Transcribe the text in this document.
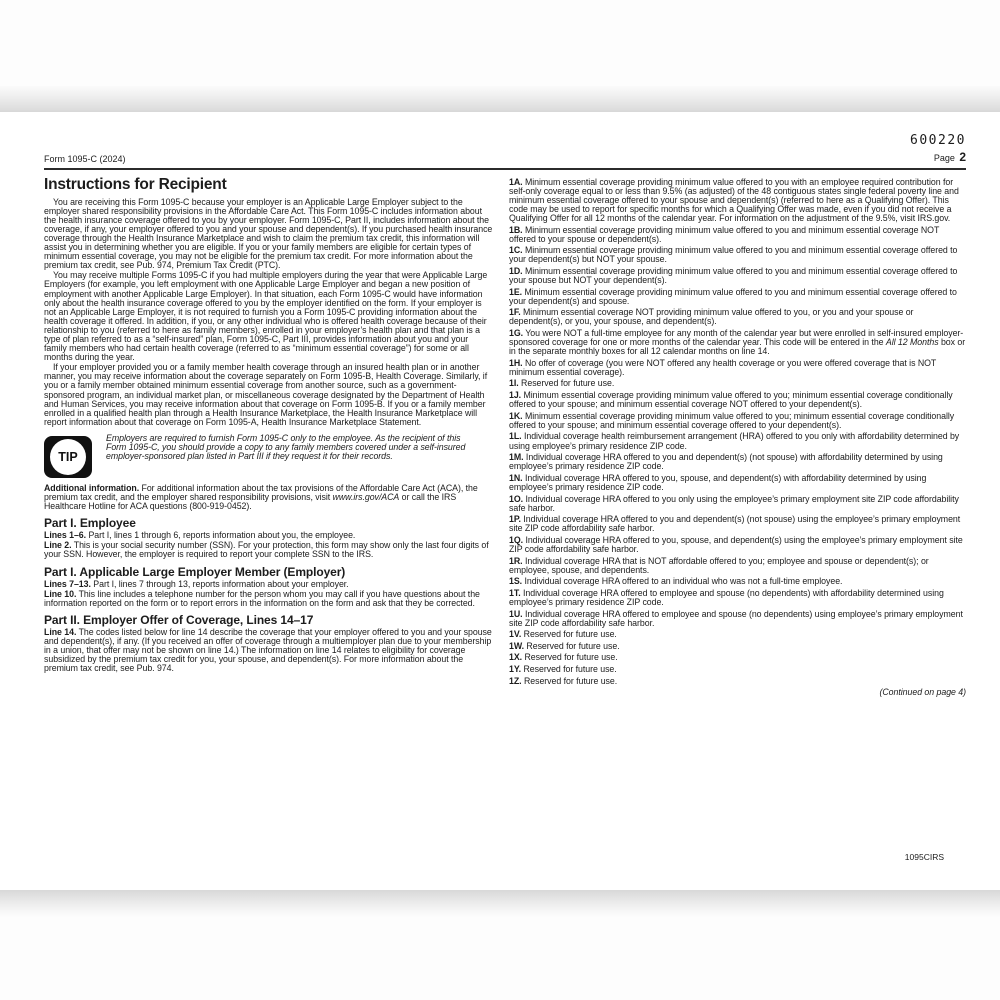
Form 1095-C (2024)
600220
Page 2
Instructions for Recipient

You are receiving this Form 1095-C because your employer is an Applicable Large Employer subject to the employer shared responsibility provisions in the Affordable Care Act. This Form 1095-C includes information about the health insurance coverage offered to you by your employer. Form 1095-C, Part II, includes information about the coverage, if any, your employer offered to you and your spouse and dependent(s). If you purchased health insurance coverage through the Health Insurance Marketplace and wish to claim the premium tax credit, this information will assist you in determining whether you are eligible. If you or your family members are eligible for certain types of minimum essential coverage, you may not be eligible for the premium tax credit. For more information about the premium tax credit, see Pub. 974, Premium Tax Credit (PTC).

You may receive multiple Forms 1095-C if you had multiple employers during the year that were Applicable Large Employers (for example, you left employment with one Applicable Large Employer and began a new position of employment with another Applicable Large Employer). In that situation, each Form 1095-C would have information only about the health insurance coverage offered to you by the employer identified on the form. If your employer is not an Applicable Large Employer, it is not required to furnish you a Form 1095-C providing information about the health coverage it offered. In addition, if you, or any other individual who is offered health coverage because of their relationship to you (referred to here as family members), enrolled in your employer’s health plan and that plan is a type of plan referred to as a “self-insured” plan, Form 1095-C, Part III, provides information about you and your family members who had certain health coverage (referred to as “minimum essential coverage”) for some or all months during the year.

If your employer provided you or a family member health coverage through an insured health plan or in another manner, you may receive information about the coverage separately on Form 1095-B, Health Coverage. Similarly, if you or a family member obtained minimum essential coverage from another source, such as a government-sponsored program, an individual market plan, or miscellaneous coverage designated by the Department of Health and Human Services, you may receive information about that coverage on Form 1095-B. If you or a family member enrolled in a qualified health plan through a Health Insurance Marketplace, the Health Insurance Marketplace will report information about that coverage on Form 1095-A, Health Insurance Marketplace Statement.

TIP

Employers are required to furnish Form 1095-C only to the employee. As the recipient of this Form 1095-C, you should provide a copy to any family members covered under a self-insured employer-sponsored plan listed in Part III if they request it for their records.

Additional information. For additional information about the tax provisions of the Affordable Care Act (ACA), the premium tax credit, and the employer shared responsibility provisions, visit www.irs.gov/ACA or call the IRS Healthcare Hotline for ACA questions (800-919-0452).

Part I. Employee

Lines 1–6. Part I, lines 1 through 6, reports information about you, the employee.

Line 2. This is your social security number (SSN). For your protection, this form may show only the last four digits of your SSN. However, the employer is required to report your complete SSN to the IRS.

Part I. Applicable Large Employer Member (Employer)

Lines 7–13. Part I, lines 7 through 13, reports information about your employer.

Line 10. This line includes a telephone number for the person whom you may call if you have questions about the information reported on the form or to report errors in the information on the form and ask that they be corrected.

Part II. Employer Offer of Coverage, Lines 14–17

Line 14. The codes listed below for line 14 describe the coverage that your employer offered to you and your spouse and dependent(s), if any. (If you received an offer of coverage through a multiemployer plan due to your membership in a union, that offer may not be shown on line 14.) The information on line 14 relates to eligibility for coverage subsidized by the premium tax credit for you, your spouse, and dependent(s). For more information about the premium tax credit, see Pub. 974.

1A. Minimum essential coverage providing minimum value offered to you with an employee required contribution for self-only coverage equal to or less than 9.5% (as adjusted) of the 48 contiguous states single federal poverty line and minimum essential coverage offered to your spouse and dependent(s) (referred to here as a Qualifying Offer). This code may be used to report for specific months for which a Qualifying Offer was made, even if you did not receive a Qualifying Offer for all 12 months of the calendar year. For information on the adjustment of the 9.5%, visit IRS.gov.

1B. Minimum essential coverage providing minimum value offered to you and minimum essential coverage NOT offered to your spouse or dependent(s).

1C. Minimum essential coverage providing minimum value offered to you and minimum essential coverage offered to your dependent(s) but NOT your spouse.

1D. Minimum essential coverage providing minimum value offered to you and minimum essential coverage offered to your spouse but NOT your dependent(s).

1E. Minimum essential coverage providing minimum value offered to you and minimum essential coverage offered to your dependent(s) and spouse.

1F. Minimum essential coverage NOT providing minimum value offered to you, or you and your spouse or dependent(s), or you, your spouse, and dependent(s).

1G. You were NOT a full-time employee for any month of the calendar year but were enrolled in self-insured employer-sponsored coverage for one or more months of the calendar year. This code will be entered in the All 12 Months box or in the separate monthly boxes for all 12 calendar months on line 14.

1H. No offer of coverage (you were NOT offered any health coverage or you were offered coverage that is NOT minimum essential coverage).

1I. Reserved for future use.

1J. Minimum essential coverage providing minimum value offered to you; minimum essential coverage conditionally offered to your spouse; and minimum essential coverage NOT offered to your dependent(s).

1K. Minimum essential coverage providing minimum value offered to you; minimum essential coverage conditionally offered to your spouse; and minimum essential coverage offered to your dependent(s).

1L. Individual coverage health reimbursement arrangement (HRA) offered to you only with affordability determined by using employee’s primary residence ZIP code.

1M. Individual coverage HRA offered to you and dependent(s) (not spouse) with affordability determined by using employee’s primary residence ZIP code.

1N. Individual coverage HRA offered to you, spouse, and dependent(s) with affordability determined by using employee’s primary residence ZIP code.

1O. Individual coverage HRA offered to you only using the employee’s primary employment site ZIP code affordability safe harbor.

1P. Individual coverage HRA offered to you and dependent(s) (not spouse) using the employee’s primary employment site ZIP code affordability safe harbor.

1Q. Individual coverage HRA offered to you, spouse, and dependent(s) using the employee’s primary employment site ZIP code affordability safe harbor.

1R. Individual coverage HRA that is NOT affordable offered to you; employee and spouse or dependent(s); or employee, spouse, and dependents.

1S. Individual coverage HRA offered to an individual who was not a full-time employee.

1T. Individual coverage HRA offered to employee and spouse (no dependents) with affordability determined using employee’s primary residence ZIP code.

1U. Individual coverage HRA offered to employee and spouse (no dependents) using employee’s primary employment site ZIP code affordability safe harbor.

1V. Reserved for future use.

1W. Reserved for future use.

1X. Reserved for future use.

1Y. Reserved for future use.

1Z. Reserved for future use.

(Continued on page 4)

1095CIRS
